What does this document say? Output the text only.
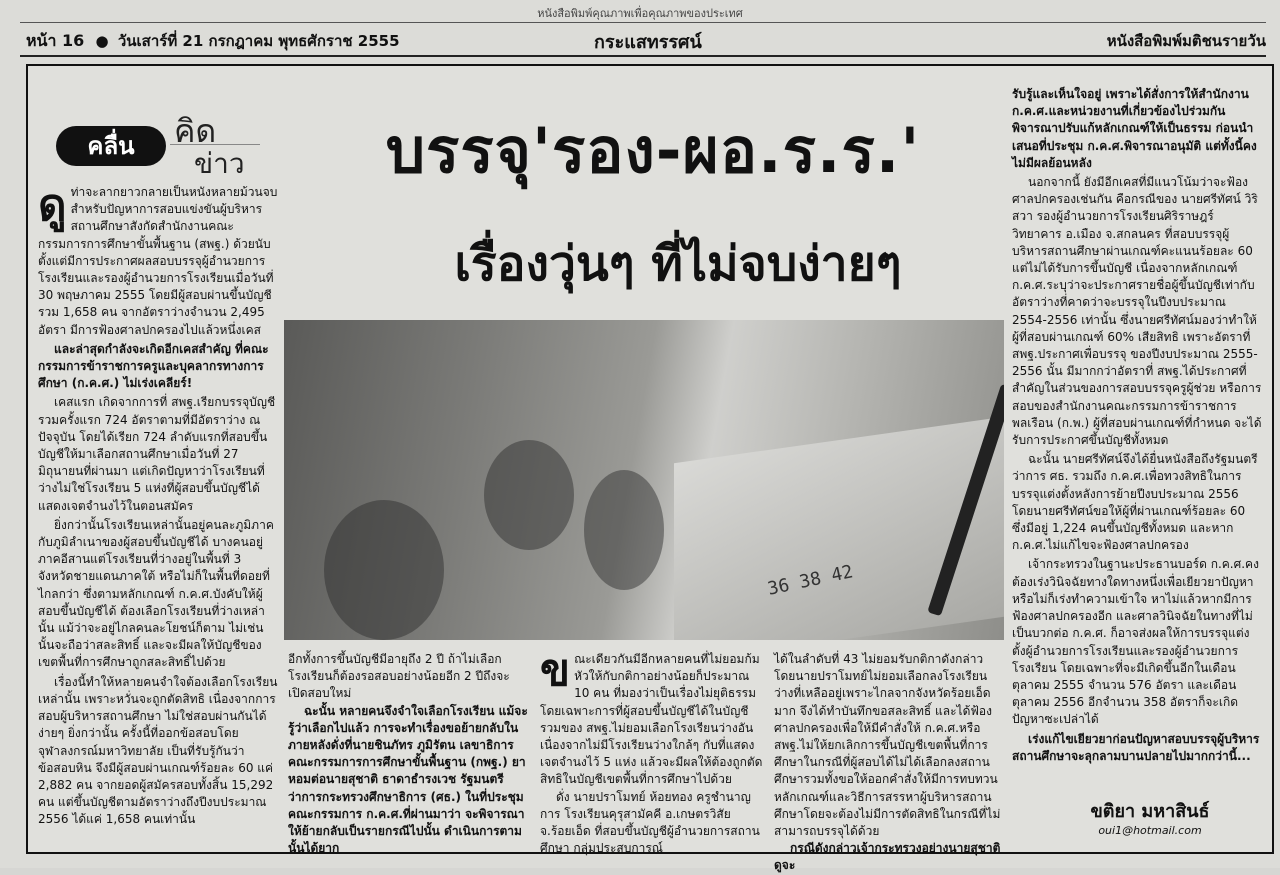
หนังสือพิมพ์คุณภาพเพื่อคุณภาพของประเทศ
หน้า 16 ● วันเสาร์ที่ 21 กรกฎาคม พุทธศักราช 2555	กระแสทรรศน์	หนังสือพิมพ์มติชนรายวัน
คลื่น	คิด
ข่าว	บรรจุ'รอง-ผอ.ร.ร.'
เรื่องวุ่นๆ ที่ไม่จบง่ายๆ
36 38 42
ดู ท่าจะลากยาวกลายเป็นหนังหลายม้วนจบ สำหรับปัญหาการสอบแข่งขันผู้บริหารสถานศึกษาสังกัดสำนักงานคณะกรรมการการศึกษาขั้นพื้นฐาน (สพฐ.) ด้วยนับตั้งแต่มีการประกาศผลสอบบรรจุผู้อำนวยการโรงเรียนและรองผู้อำนวยการโรงเรียนเมื่อวันที่ 30 พฤษภาคม 2555 โดยมีผู้สอบผ่านขึ้นบัญชีรวม 1,658 คน จากอัตราว่างจำนวน 2,495 อัตรา มีการฟ้องศาลปกครองไปแล้วหนึ่งเคส

และล่าสุดกำลังจะเกิดอีกเคสสำคัญ ที่คณะกรรมการข้าราชการครูและบุคลากรทางการศึกษา (ก.ค.ศ.) ไม่เร่งเคลียร์!

เคสแรก เกิดจากการที่ สพฐ.เรียกบรรจุบัญชีรวมครั้งแรก 724 อัตราตามที่มีอัตราว่าง ณ ปัจจุบัน โดยได้เรียก 724 ลำดับแรกที่สอบขึ้นบัญชีให้มาเลือกสถานศึกษาเมื่อวันที่ 27 มิถุนายนที่ผ่านมา แต่เกิดปัญหาว่าโรงเรียนที่ว่างไม่ใช่โรงเรียน 5 แห่งที่ผู้สอบขึ้นบัญชีได้แสดงเจตจำนงไว้ในตอนสมัคร

ยิ่งกว่านั้นโรงเรียนเหล่านั้นอยู่คนละภูมิภาคกับภูมิลำเนาของผู้สอบขึ้นบัญชีได้ บางคนอยู่ภาคอีสานแต่โรงเรียนที่ว่างอยู่ในพื้นที่ 3 จังหวัดชายแดนภาคใต้ หรือไม่ก็ในพื้นที่ดอยที่ไกลกว่า ซึ่งตามหลักเกณฑ์ ก.ค.ศ.บังคับให้ผู้สอบขึ้นบัญชีได้ ต้องเลือกโรงเรียนที่ว่างเหล่านั้น แม้ว่าจะอยู่ไกลคนละโยชน์ก็ตาม ไม่เช่นนั้นจะถือว่าสละสิทธิ์ และจะมีผลให้บัญชีของเขตพื้นที่การศึกษาถูกสละสิทธิ์ไปด้วย

เรื่องนี้ทำให้หลายคนจำใจต้องเลือกโรงเรียนเหล่านั้น เพราะหวั่นจะถูกตัดสิทธิ เนื่องจากการสอบผู้บริหารสถานศึกษา ไม่ใช่สอบผ่านกันได้ง่ายๆ ยิ่งกว่านั้น ครั้งนี้ที่ออกข้อสอบโดยจุฬาลงกรณ์มหาวิทยาลัย เป็นที่รับรู้กันว่าข้อสอบหิน จึงมีผู้สอบผ่านเกณฑ์ร้อยละ 60 แค่ 2,882 คน จากยอดผู้สมัครสอบทั้งสิ้น 15,292 คน แต่ขึ้นบัญชีตามอัตราว่างถึงปีงบประมาณ 2556 ได้แค่ 1,658 คนเท่านั้น

อีกทั้งการขึ้นบัญชีมีอายุถึง 2 ปี ถ้าไม่เลือกโรงเรียนก็ต้องรอสอบอย่างน้อยอีก 2 ปีถึงจะเปิดสอบใหม่

ฉะนั้น หลายคนจึงจำใจเลือกโรงเรียน แม้จะรู้ว่าเลือกไปแล้ว การจะทำเรื่องขอย้ายกลับในภายหลังดั่งที่นายชินภัทร ภูมิรัตน เลขาธิการคณะกรรมการการศึกษาขั้นพื้นฐาน (กพฐ.) ยาหอมต่อนายสุชาติ ธาดาธำรงเวช รัฐมนตรีว่าการกระทรวงศึกษาธิการ (ศธ.) ในที่ประชุมคณะกรรมการ ก.ค.ศ.ที่ผ่านมาว่า จะพิจารณาให้ย้ายกลับเป็นรายกรณีไปนั้น ดำเนินการตามนั้นได้ยาก

ข ณะเดียวกันมีอีกหลายคนที่ไม่ยอมก้มหัวให้กับกติกาอย่างน้อยก็ประมาณ 10 คน ที่มองว่าเป็นเรื่องไม่ยุติธรรม โดยเฉพาะการที่ผู้สอบขึ้นบัญชีได้ในบัญชีรวมของ สพฐ.ไม่ยอมเลือกโรงเรียนว่างอันเนื่องจากไม่มีโรงเรียนว่างใกล้ๆ กับที่แสดงเจตจำนงไว้ 5 แห่ง แล้วจะมีผลให้ต้องถูกตัดสิทธิในบัญชีเขตพื้นที่การศึกษาไปด้วย

ดั่ง นายปราโมทย์ ห้อยทอง ครูชำนาญการ โรงเรียนคุรุสามัคคี อ.เกษตรวิสัย จ.ร้อยเอ็ด ที่สอบขึ้นบัญชีผู้อำนวยการสถานศึกษา กลุ่มประสบการณ์

ได้ในลำดับที่ 43 ไม่ยอมรับกติกาดังกล่าว โดยนายปราโมทย์ไม่ยอมเลือกลงโรงเรียนว่างที่เหลืออยู่เพราะไกลจากจังหวัดร้อยเอ็ดมาก จึงได้ทำบันทึกขอสละสิทธิ์ และได้ฟ้องศาลปกครองเพื่อให้มีคำสั่งให้ ก.ค.ศ.หรือ สพฐ.ไม่ให้ยกเลิกการขึ้นบัญชีเขตพื้นที่การศึกษาในกรณีที่ผู้สอบได้ไม่ได้เลือกลงสถานศึกษารวมทั้งขอให้ออกคำสั่งให้มีการทบทวนหลักเกณฑ์และวิธีการสรรหาผู้บริหารสถานศึกษาโดยจะต้องไม่มีการตัดสิทธิในกรณีที่ไม่สามารถบรรจุได้ด้วย

กรณีดังกล่าวเจ้ากระทรวงอย่างนายสุชาติดูจะ

รับรู้และเห็นใจอยู่ เพราะได้สั่งการให้สำนักงาน ก.ค.ศ.และหน่วยงานที่เกี่ยวข้องไปร่วมกันพิจารณาปรับแก้หลักเกณฑ์ให้เป็นธรรม ก่อนนำเสนอที่ประชุม ก.ค.ศ.พิจารณาอนุมัติ แต่ทั้งนี้คงไม่มีผลย้อนหลัง

นอกจากนี้ ยังมีอีกเคสที่มีแนวโน้มว่าจะฟ้องศาลปกครองเช่นกัน คือกรณีของ นายศรีทัศน์ วิริสวา รองผู้อำนวยการโรงเรียนศิริราษฎร์วิทยาคาร อ.เมือง จ.สกลนคร ที่สอบบรรจุผู้บริหารสถานศึกษาผ่านเกณฑ์คะแนนร้อยละ 60 แต่ไม่ได้รับการขึ้นบัญชี เนื่องจากหลักเกณฑ์ ก.ค.ศ.ระบุว่าจะประกาศรายชื่อผู้ขึ้นบัญชีเท่ากับอัตราว่างที่คาดว่าจะบรรจุในปีงบประมาณ 2554-2556 เท่านั้น ซึ่งนายศรีทัศน์มองว่าทำให้ผู้ที่สอบผ่านเกณฑ์ 60% เสียสิทธิ เพราะอัตราที่ สพฐ.ประกาศเพื่อบรรจุ ของปีงบประมาณ 2555-2556 นั้น มีมากกว่าอัตราที่ สพฐ.ได้ประกาศที่สำคัญในส่วนของการสอบบรรจุครูผู้ช่วย หรือการสอบของสำนักงานคณะกรรมการข้าราชการพลเรือน (ก.พ.) ผู้ที่สอบผ่านเกณฑ์ที่กำหนด จะได้รับการประกาศขึ้นบัญชีทั้งหมด

ฉะนั้น นายศรีทัศน์จึงได้ยื่นหนังสือถึงรัฐมนตรีว่าการ ศธ. รวมถึง ก.ค.ศ.เพื่อทวงสิทธิในการบรรจุแต่งตั้งหลังการย้ายปีงบประมาณ 2556 โดยนายศรีทัศน์ขอให้ผู้ที่ผ่านเกณฑ์ร้อยละ 60 ซึ่งมีอยู่ 1,224 คนขึ้นบัญชีทั้งหมด และหาก ก.ค.ศ.ไม่แก้ไขจะฟ้องศาลปกครอง

เจ้ากระทรวงในฐานะประธานบอร์ด ก.ค.ศ.คงต้องเร่งวินิจฉัยทางใดทางหนึ่งเพื่อเยียวยาปัญหาหรือไม่ก็เร่งทำความเข้าใจ หาไม่แล้วหากมีการฟ้องศาลปกครองอีก และศาลวินิจฉัยในทางที่ไม่เป็นบวกต่อ ก.ค.ศ. ก็อาจส่งผลให้การบรรจุแต่งตั้งผู้อำนวยการโรงเรียนและรองผู้อำนวยการโรงเรียน โดยเฉพาะที่จะมีเกิดขึ้นอีกในเดือนตุลาคม 2555 จำนวน 576 อัตรา และเดือนตุลาคม 2556 อีกจำนวน 358 อัตราก็จะเกิดปัญหาซะเปล่าได้

เร่งแก้ไขเยียวยาก่อนปัญหาสอบบรรจุผู้บริหารสถานศึกษาจะลุกลามบานปลายไปมากกว่านี้...

ขติยา มหาสินธ์
oui1@hotmail.com
